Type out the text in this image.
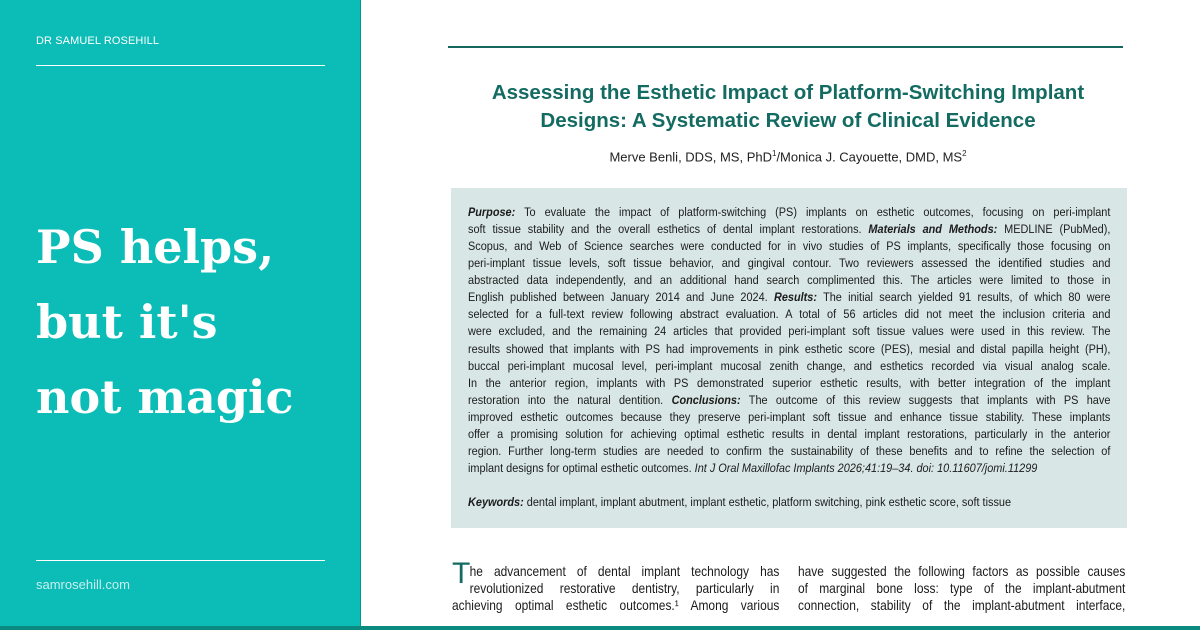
DR SAMUEL ROSEHILL
PS helps,
but it's
not magic
samrosehill.com
Assessing the Esthetic Impact of Platform-Switching Implant
Designs: A Systematic Review of Clinical Evidence
Merve Benli, DDS, MS, PhD$^1$/Monica J. Cayouette, DMD, $MS^2$
Purpose: To evaluate the impact of platform-switching (PS) implants on esthetic outcomes, focusing on peri-implant
soft tissue stability and the overall esthetics of dental implant restorations. Materials and Methods: MEDLINE (PubMed),
Scopus, and Web of Science searches were conducted for in vivo studies of PS implants, specifically those focusing on
peri-implant tissue levels, soft tissue behavior, and gingival contour. Two reviewers assessed the identified studies and
abstracted data independently, and an additional hand search complimented this. The articles were limited to those in
English published between January 2014 and June 2024. Results: The initial search yielded 91 results, of which 80 were
selected for a full-text review following abstract evaluation. A total of 56 articles did not meet the inclusion criteria and
were excluded, and the remaining 24 articles that provided peri-implant soft tissue values were used in this review. The
results showed that implants with PS had improvements in pink esthetic score (PES), mesial and distal papilla height (PH),
buccal peri-implant mucosal level, peri-implant mucosal zenith change, and esthetics recorded via visual analog scale.
In the anterior region, implants with PS demonstrated superior esthetic results, with better integration of the implant
restoration into the natural dentition. Conclusions: The outcome of this review suggests that implants with PS have
improved esthetic outcomes because they preserve peri-implant soft tissue and enhance tissue stability. These implants
offer a promising solution for achieving optimal esthetic results in dental implant restorations, particularly in the anterior
region. Further long-term studies are needed to confirm the sustainability of these benefits and to refine the selection of
implant designs for optimal esthetic outcomes. Int J Oral Maxillofac Implants 2026;41:19–34. doi: 10.11607/jomi.11299
Keywords: dental implant, implant abutment, implant esthetic, platform switching, pink esthetic score, soft tissue
T he advancement of dental implant technology has
revolutionized restorative dentistry, particularly in
achieving optimal esthetic outcomes.¹ Among various
have suggested the following factors as possible causes
of marginal bone loss: type of the implant-abutment
connection, stability of the implant-abutment interface,
